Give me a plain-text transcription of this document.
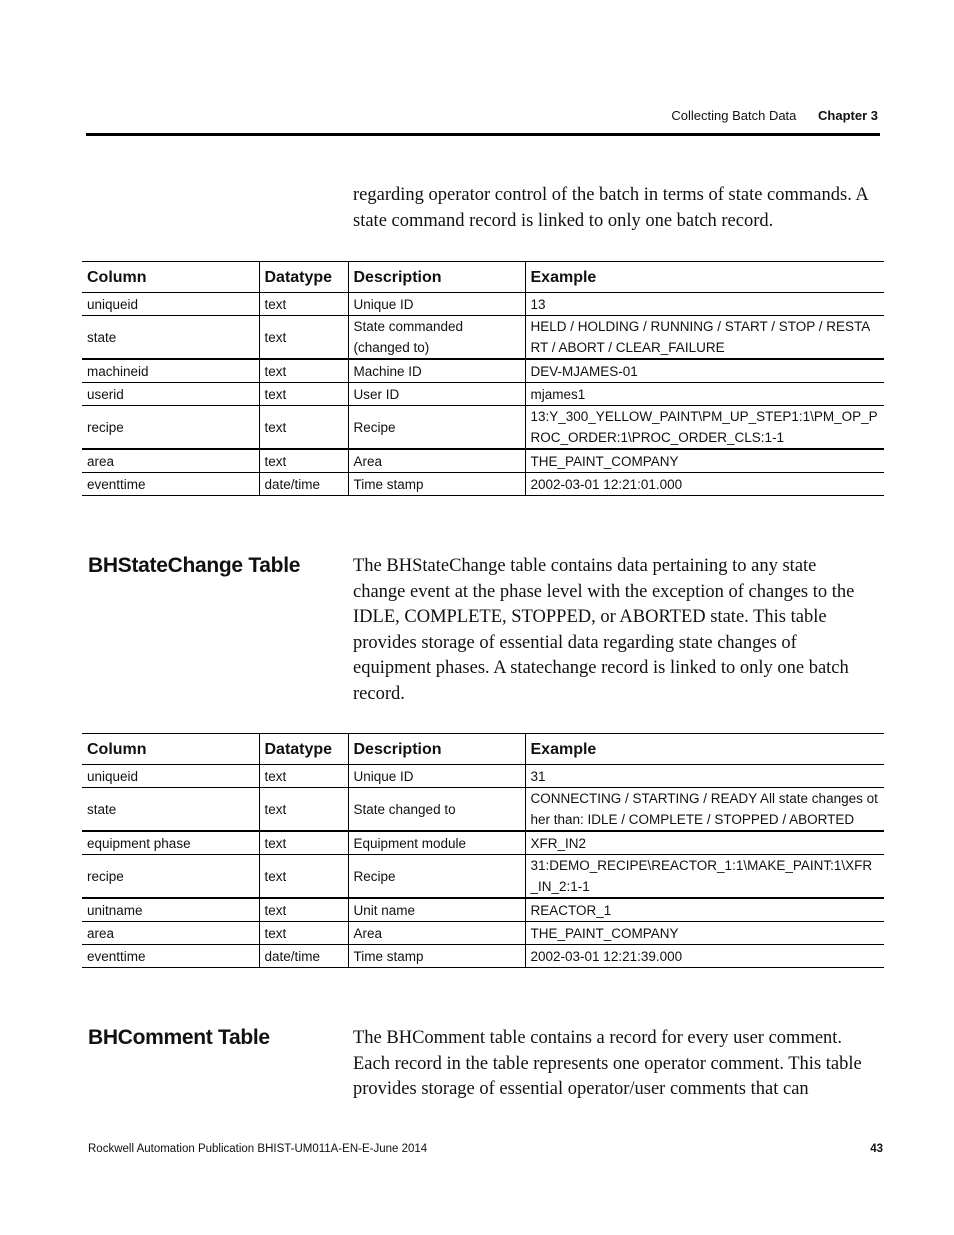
Collecting Batch Data Chapter 3

regarding operator control of the batch in terms of state commands. A state command record is linked to only one batch record.

Column	Datatype	Description	Example
uniqueid	text	Unique ID	13
state	text	State commanded (changed to)	HELD / HOLDING / RUNNING / START / STOP / RESTART / ABORT / CLEAR_FAILURE
machineid	text	Machine ID	DEV-MJAMES-01
userid	text	User ID	mjames1
recipe	text	Recipe	13:Y_300_YELLOW_PAINT\PM_UP_STEP1:1\PM_OP_PROC_ORDER:1\PROC_ORDER_CLS:1-1
area	text	Area	THE_PAINT_COMPANY
eventtime	date/time	Time stamp	2002-03-01 12:21:01.000
BHStateChange Table	The BHStateChange table contains data pertaining to any state change event at the phase level with the exception of changes to the IDLE, COMPLETE, STOPPED, or ABORTED state. This table provides storage of essential data regarding state changes of equipment phases. A statechange record is linked to only one batch record.

Column	Datatype	Description	Example
uniqueid	text	Unique ID	31
state	text	State changed to	CONNECTING / STARTING / READY All state changes other than: IDLE / COMPLETE / STOPPED / ABORTED
equipment phase	text	Equipment module	XFR_IN2
recipe	text	Recipe	31:DEMO_RECIPE\REACTOR_1:1\MAKE_PAINT:1\XFR_IN_2:1-1
unitname	text	Unit name	REACTOR_1
area	text	Area	THE_PAINT_COMPANY
eventtime	date/time	Time stamp	2002-03-01 12:21:39.000
BHComment Table	The BHComment table contains a record for every user comment. Each record in the table represents one operator comment. This table provides storage of essential operator/user comments that can

Rockwell Automation Publication BHIST-UM011A-EN-E-June 2014	43
